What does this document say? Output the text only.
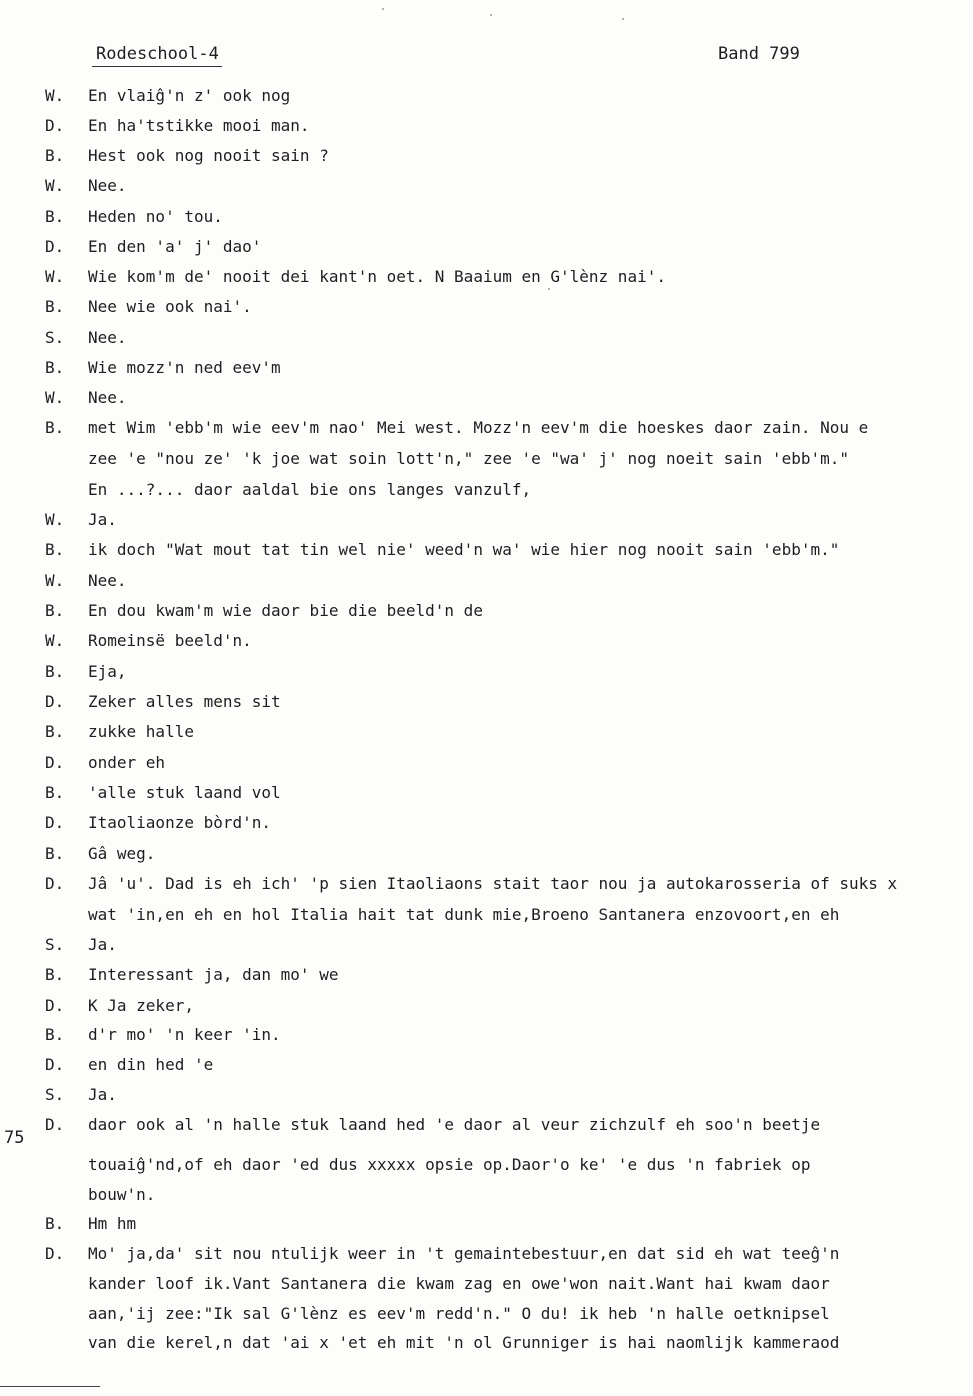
Rodeschool-4	Band 799
W. En vlaiĝ'n z' ook nog
D. En ha'tstikke mooi man.
B. Hest ook nog nooit sain ?
W. Nee.
B. Heden no' tou.
D. En den 'a' j' dao'
W. Wie kom'm de' nooit dei kant'n oet. N Baaium en G'lènz nai'.
B. Nee wie ook nai'.
S. Nee.
B. Wie mozz'n ned eev'm
W. Nee.
B. met Wim 'ebb'm wie eev'm nao' Mei west. Mozz'n eev'm die hoeskes daor zain. Nou e
zee 'e "nou ze' 'k joe wat soin lott'n," zee 'e "wa' j' nog noeit sain 'ebb'm."
En ...?... daor aaldal bie ons langes vanzulf,
W. Ja.
B. ik doch "Wat mout tat tin wel nie' weed'n wa' wie hier nog nooit sain 'ebb'm."
W. Nee.
B. En dou kwam'm wie daor bie die beeld'n de
W. Romeinsë beeld'n.
B. Eja,
D. Zeker alles mens sit
B. zukke halle
D. onder eh
B. 'alle stuk laand vol
D. Itaoliaonze bòrd'n.
B. Gâ weg.
D. Jâ 'u'. Dad is eh ich' 'p sien Itaoliaons stait taor nou ja autokarosseria of suks x
wat 'in,en eh en hol Italia hait tat dunk mie,Broeno Santanera enzovoort,en eh
S. Ja.
B. Interessant ja, dan mo' we
D. K Ja zeker,
B. d'r mo' 'n keer 'in.
D. en din hed 'e
S. Ja.
D. daor ook al 'n halle stuk laand hed 'e daor al veur zichzulf eh soo'n beetje
touaiĝ'nd,of eh daor 'ed dus xxxxx opsie op.Daor'o ke' 'e dus 'n fabriek op
bouw'n.
B. Hm hm
D. Mo' ja,da' sit nou ntulijk weer in 't gemaintebestuur,en dat sid eh wat teeĝ'n
kander loof ik.Vant Santanera die kwam zag en owe'won nait.Want hai kwam daor
aan,'ij zee:"Ik sal G'lènz es eev'm redd'n." O du! ik heb 'n halle oetknipsel
van die kerel,n dat 'ai x 'et eh mit 'n ol Grunniger is hai naomlijk kammeraod
75
